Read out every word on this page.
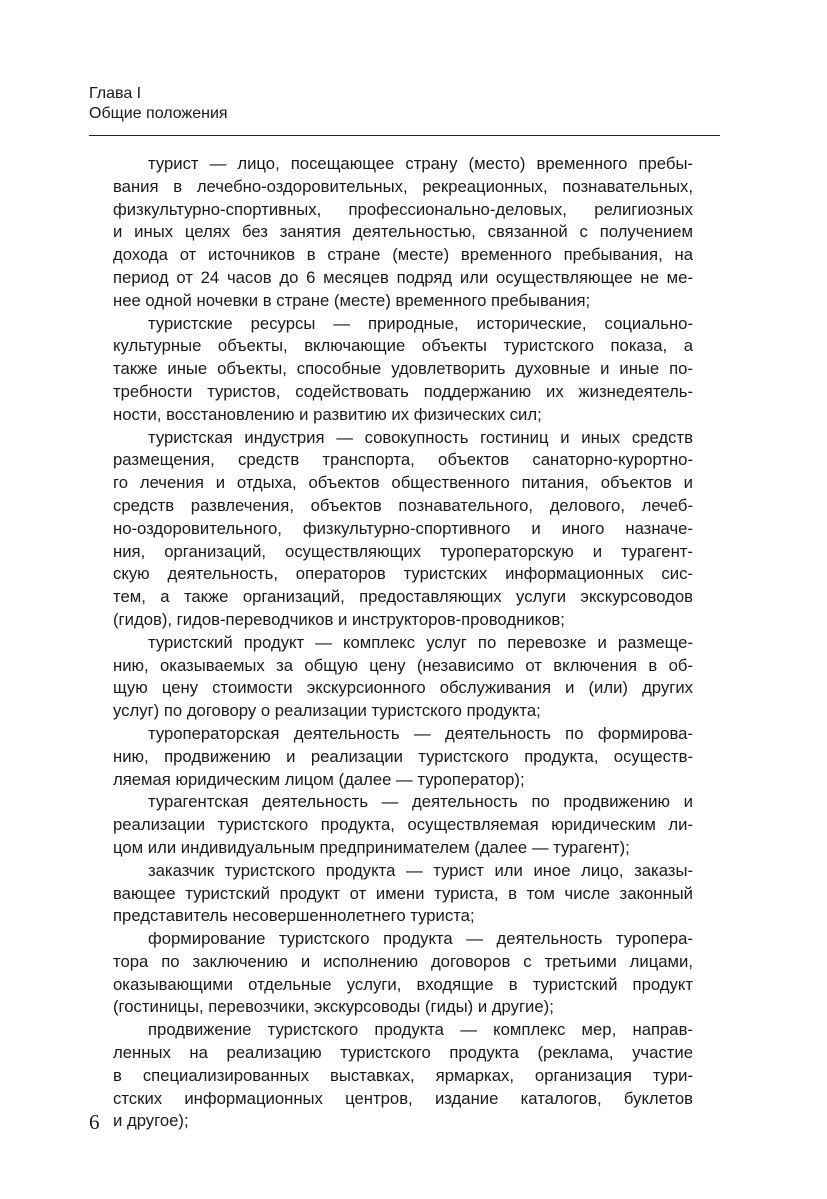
Глава I
Общие положения
турист — лицо, посещающее страну (место) временного пребы-
вания в лечебно-оздоровительных, рекреационных, познавательных,
физкультурно-спортивных, профессионально-деловых, религиозных
и иных целях без занятия деятельностью, связанной с получением
дохода от источников в стране (месте) временного пребывания, на
период от 24 часов до 6 месяцев подряд или осуществляющее не ме-
нее одной ночевки в стране (месте) временного пребывания;
туристские ресурсы — природные, исторические, социально-
культурные объекты, включающие объекты туристского показа, а
также иные объекты, способные удовлетворить духовные и иные по-
требности туристов, содействовать поддержанию их жизнедеятель-
ности, восстановлению и развитию их физических сил;
туристская индустрия — совокупность гостиниц и иных средств
размещения, средств транспорта, объектов санаторно-курортно-
го лечения и отдыха, объектов общественного питания, объектов и
средств развлечения, объектов познавательного, делового, лечеб-
но-оздоровительного, физкультурно-спортивного и иного назначе-
ния, организаций, осуществляющих туроператорскую и турагент-
скую деятельность, операторов туристских информационных сис-
тем, а также организаций, предоставляющих услуги экскурсоводов
(гидов), гидов-переводчиков и инструкторов-проводников;
туристский продукт — комплекс услуг по перевозке и размеще-
нию, оказываемых за общую цену (независимо от включения в об-
щую цену стоимости экскурсионного обслуживания и (или) других
услуг) по договору о реализации туристского продукта;
туроператорская деятельность — деятельность по формирова-
нию, продвижению и реализации туристского продукта, осуществ-
ляемая юридическим лицом (далее — туроператор);
турагентская деятельность — деятельность по продвижению и
реализации туристского продукта, осуществляемая юридическим ли-
цом или индивидуальным предпринимателем (далее — турагент);
заказчик туристского продукта — турист или иное лицо, заказы-
вающее туристский продукт от имени туриста, в том числе законный
представитель несовершеннолетнего туриста;
формирование туристского продукта — деятельность туропера-
тора по заключению и исполнению договоров с третьими лицами,
оказывающими отдельные услуги, входящие в туристский продукт
(гостиницы, перевозчики, экскурсоводы (гиды) и другие);
продвижение туристского продукта — комплекс мер, направ-
ленных на реализацию туристского продукта (реклама, участие
в специализированных выставках, ярмарках, организация тури-
стских информационных центров, издание каталогов, буклетов
и другое);
6
